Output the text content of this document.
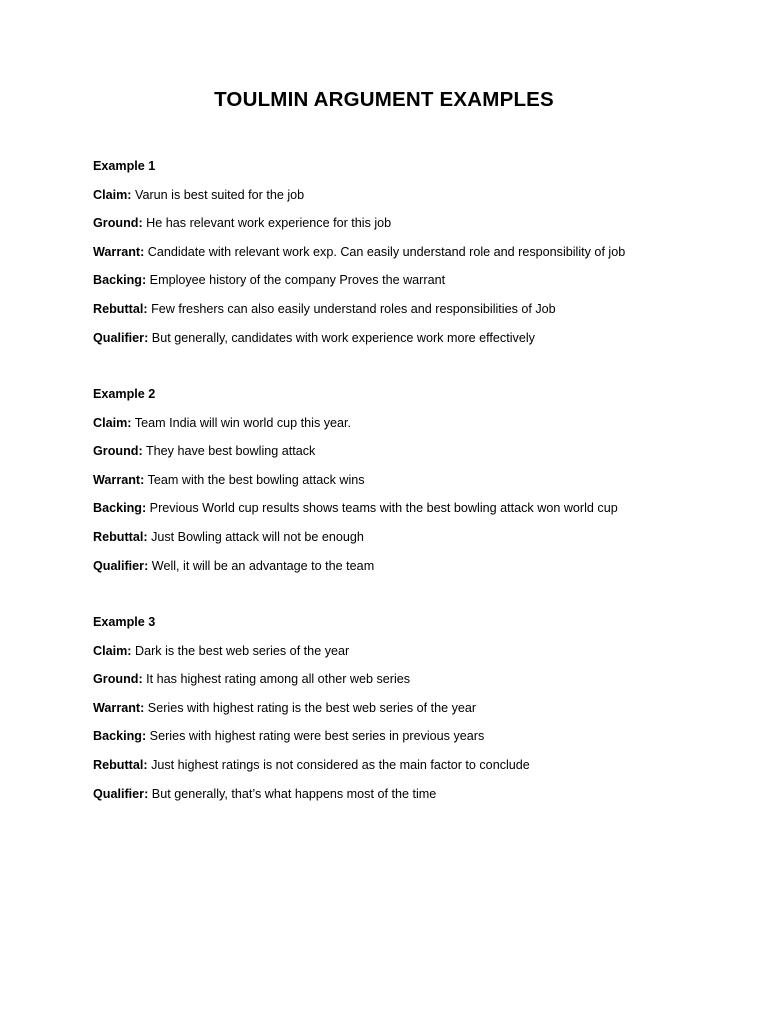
TOULMIN ARGUMENT EXAMPLES
Example 1
Claim: Varun is best suited for the job
Ground: He has relevant work experience for this job
Warrant: Candidate with relevant work exp. Can easily understand role and responsibility of job
Backing: Employee history of the company Proves the warrant
Rebuttal: Few freshers can also easily understand roles and responsibilities of Job
Qualifier: But generally, candidates with work experience work more effectively
Example 2
Claim: Team India will win world cup this year.
Ground: They have best bowling attack
Warrant: Team with the best bowling attack wins
Backing: Previous World cup results shows teams with the best bowling attack won world cup
Rebuttal: Just Bowling attack will not be enough
Qualifier: Well, it will be an advantage to the team
Example 3
Claim: Dark is the best web series of the year
Ground: It has highest rating among all other web series
Warrant: Series with highest rating is the best web series of the year
Backing: Series with highest rating were best series in previous years
Rebuttal: Just highest ratings is not considered as the main factor to conclude
Qualifier: But generally, that’s what happens most of the time
